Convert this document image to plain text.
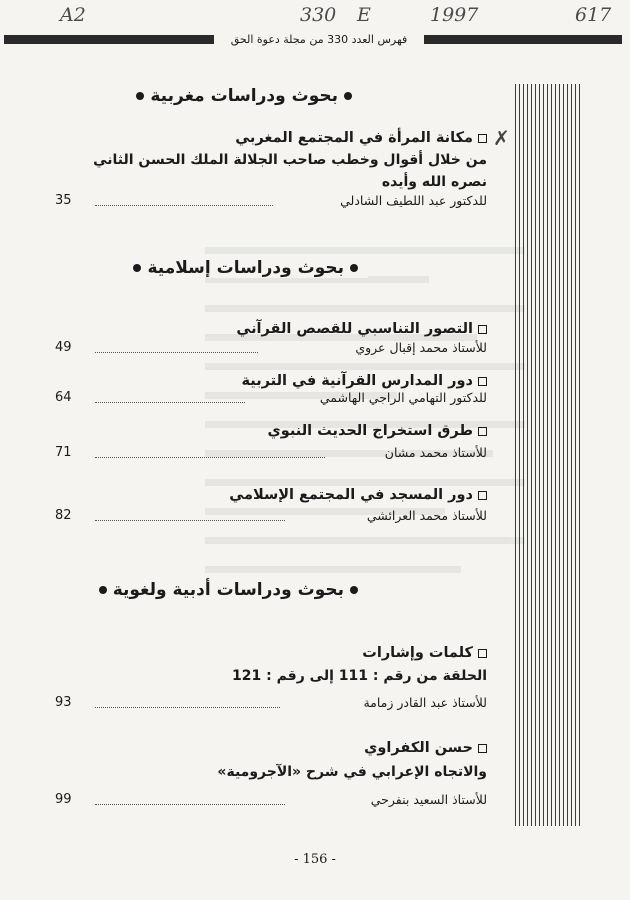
A2	330 E	1997	617
فهرس العدد 330 من مجلة دعوة الحق
بحوث ودراسات مغربية
✗
مكانة المرأة في المجتمع المغربي
من خلال أقوال وخطب صاحب الجلالة الملك الحسن الثاني
نصره الله وأيده
للدكتور عبد اللطيف الشادلي
35
بحوث ودراسات إسلامية
التصور التناسبي للقصص القرآني
للأستاذ محمد إقبال عروي
49
دور المدارس القرآنية في التربية
للدكتور التهامي الراجي الهاشمي
64
طرق استخراج الحديث النبوي
للأستاذ محمد مشان
71
دور المسجد في المجتمع الإسلامي
للأستاذ محمد العرائشي
82
بحوث ودراسات أدبية ولغوية
كلمات وإشارات
الحلقة من رقم : 111 إلى رقم : 121
للأستاذ عبد القادر زمامة
93
حسن الكفراوي
والاتجاه الإعرابي في شرح «الآجرومية»
للأستاذ السعيد بنفرحي
99
- 156 -
